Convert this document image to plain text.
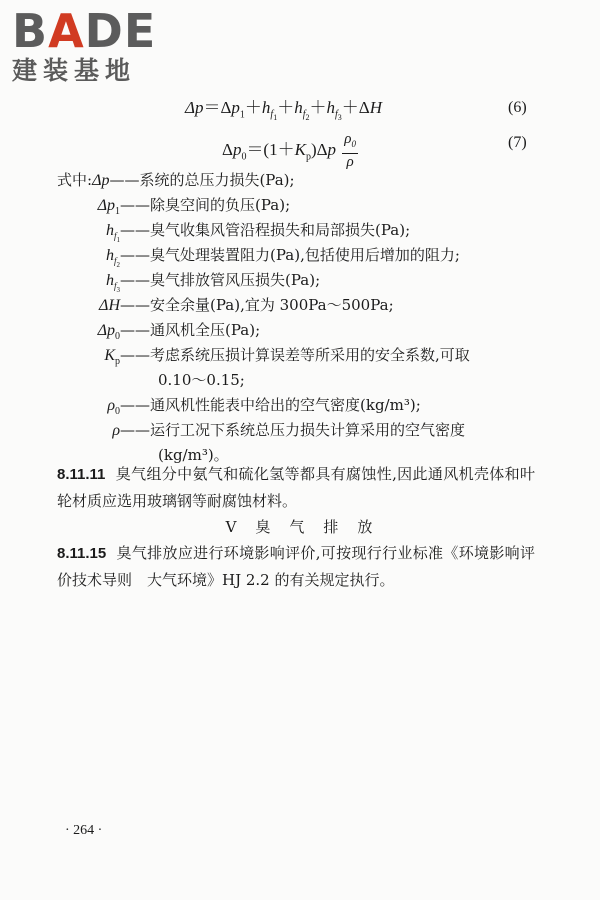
BADE
建装基地
$\Delta p=\Delta p_1+h_{f_1}+h_{f_2}+h_{f_3}+\Delta H$	(6)
$\Delta p_0=(1+K_p)\Delta p \frac{\rho_0}{\rho}$	(7)
式中:Δp——系统的总压力损失(Pa);
$\Delta p_1——$除臭空间的负压(Pa);
$h_{f_1}——$臭气收集风管沿程损失和局部损失(Pa);
$h_{f_2}——$臭气处理装置阻力(Pa),包括使用后增加的阻力;
$h_{f_3}——$臭气排放管风压损失(Pa);
ΔH——安全余量(Pa),宜为 300Pa～500Pa;
$\Delta p_0——$通风机全压(Pa);
$K_p——$考虑系统压损计算误差等所采用的安全系数,可取
0.10～0.15;
$\rho_0——$通风机性能表中给出的空气密度(kg/m³);
ρ——运行工况下系统总压力损失计算采用的空气密度
(kg/m³)。
8.11.11 臭气组分中氨气和硫化氢等都具有腐蚀性,因此通风机壳体和叶轮材质应选用玻璃钢等耐腐蚀材料。
Ⅴ　臭　气　排　放
8.11.15 臭气排放应进行环境影响评价,可按现行行业标准《环境影响评价技术导则　大气环境》HJ 2.2 的有关规定执行。
· 264 ·
